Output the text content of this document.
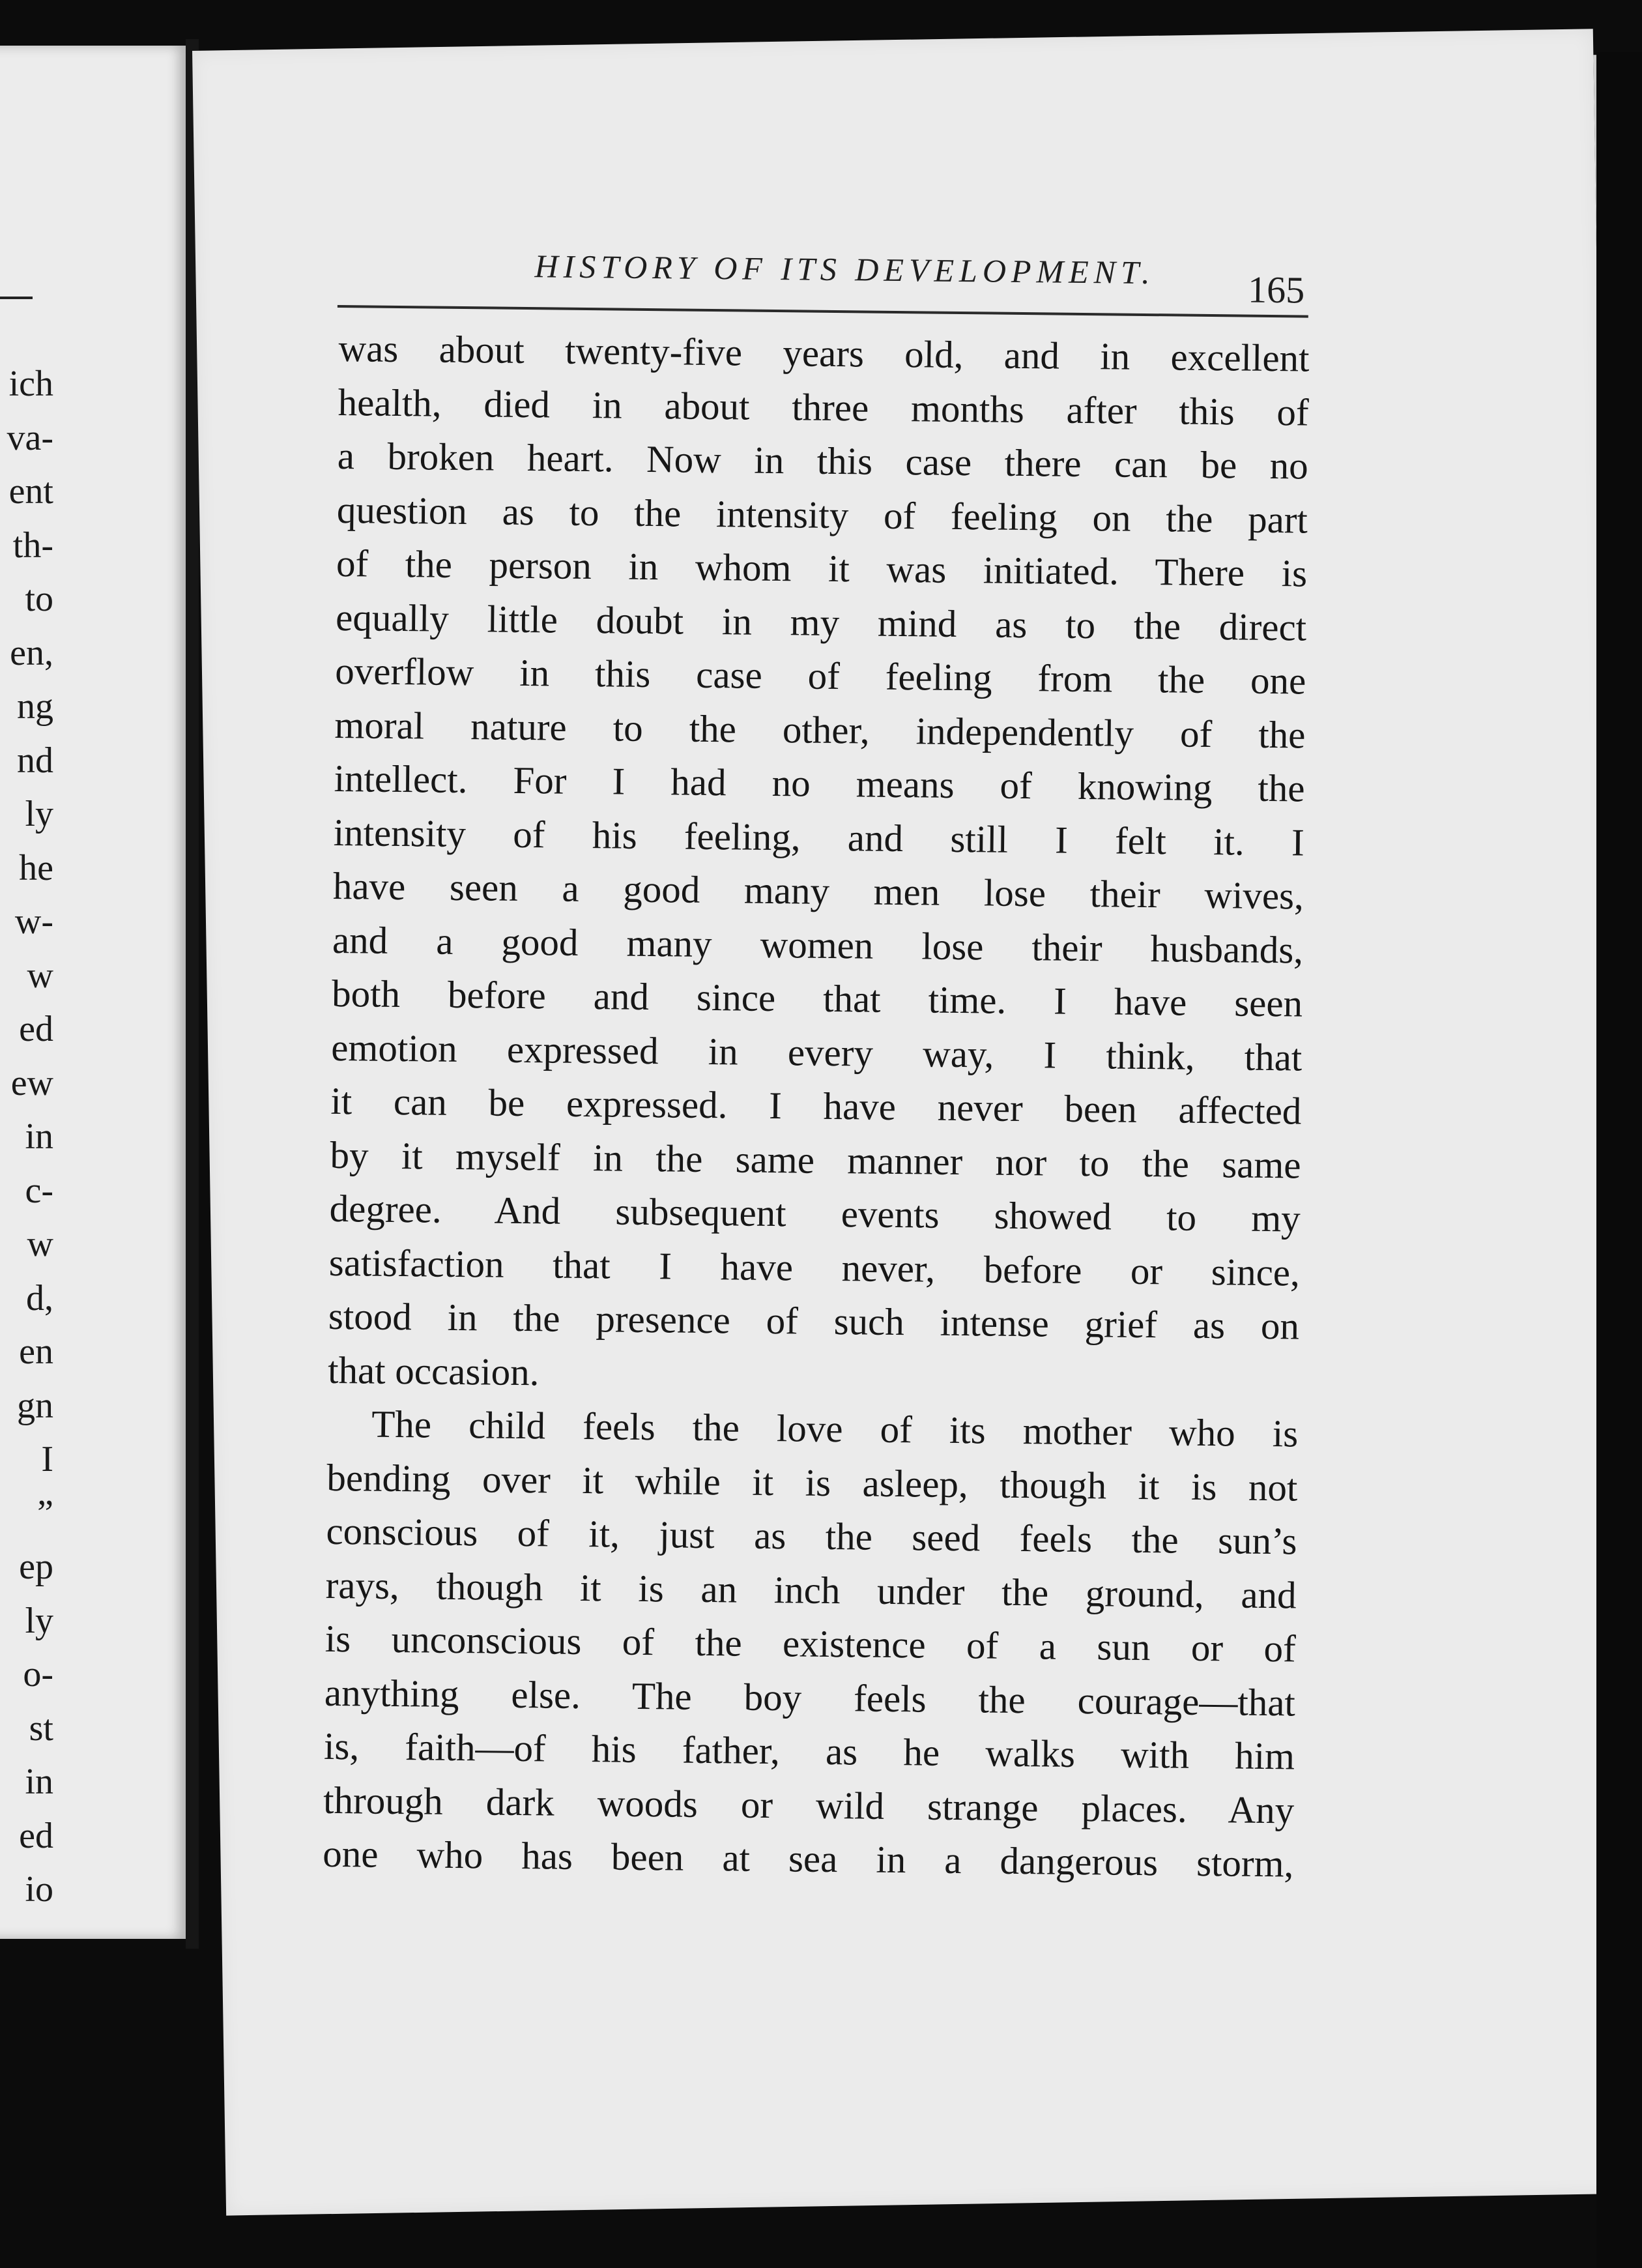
ich
va-
ent
th-
to
en,
ng
nd
ly
he
w-
w
ed
ew
in
c-
w
d,
en
gn
I
”
ep
ly
o-
st
in
ed
io
HISTORY OF ITS DEVELOPMENT. 165

was about twenty-five years old, and in excellent

health, died in about three months after this of

a broken heart. Now in this case there can be no

question as to the intensity of feeling on the part

of the person in whom it was initiated. There is

equally little doubt in my mind as to the direct

overflow in this case of feeling from the one

moral nature to the other, independently of the

intellect. For I had no means of knowing the

intensity of his feeling, and still I felt it. I

have seen a good many men lose their wives,

and a good many women lose their husbands,

both before and since that time. I have seen

emotion expressed in every way, I think, that

it can be expressed. I have never been affected

by it myself in the same manner nor to the same

degree. And subsequent events showed to my

satisfaction that I have never, before or since,

stood in the presence of such intense grief as on

that occasion.

The child feels the love of its mother who is

bending over it while it is asleep, though it is not

conscious of it, just as the seed feels the sun’s

rays, though it is an inch under the ground, and

is unconscious of the existence of a sun or of

anything else. The boy feels the courage—that

is, faith—of his father, as he walks with him

through dark woods or wild strange places. Any

one who has been at sea in a dangerous storm,
